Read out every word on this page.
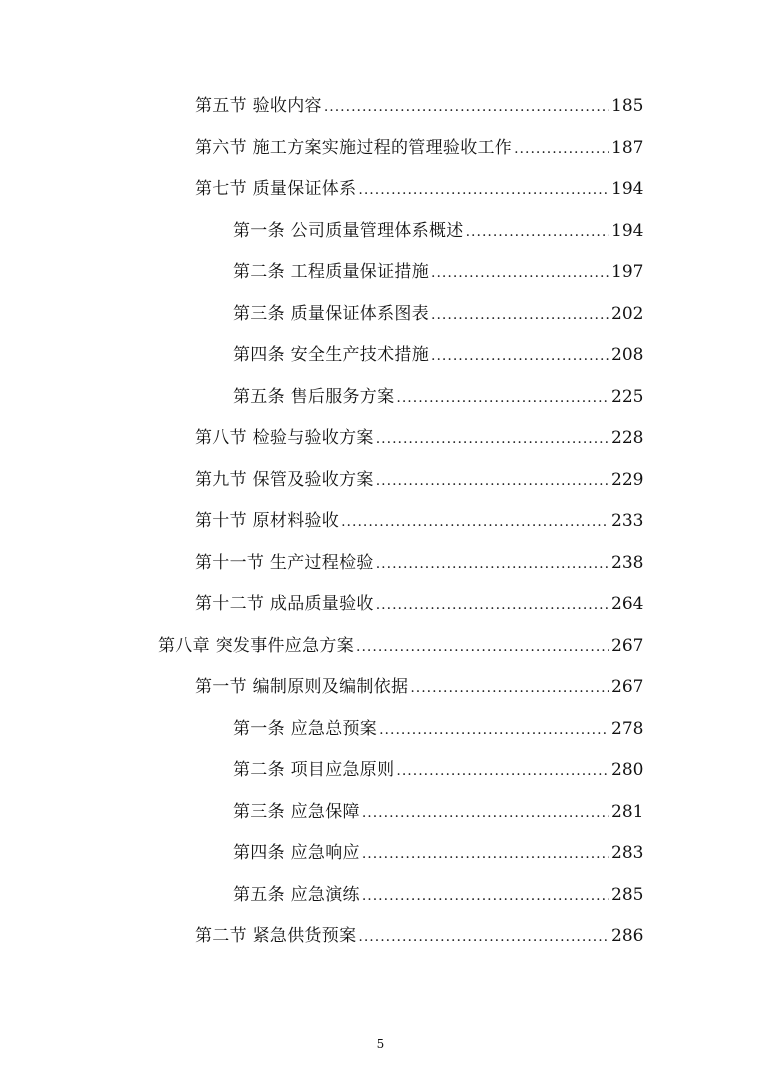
第五节 验收内容 .....	185
第六节 施工方案实施过程的管理验收工作 .....	187
第七节 质量保证体系 .....	194
第一条 公司质量管理体系概述 .....	194
第二条 工程质量保证措施 .....	197
第三条 质量保证体系图表 .....	202
第四条 安全生产技术措施 .....	208
第五条 售后服务方案 .....	225
第八节 检验与验收方案 .....	228
第九节 保管及验收方案 .....	229
第十节 原材料验收 .....	233
第十一节 生产过程检验 .....	238
第十二节 成品质量验收 .....	264
第八章 突发事件应急方案 .....	267
第一节 编制原则及编制依据 .....	267
第一条 应急总预案 .....	278
第二条 项目应急原则 .....	280
第三条 应急保障 .....	281
第四条 应急响应 .....	283
第五条 应急演练 .....	285
第二节 紧急供货预案 .....	286
5
